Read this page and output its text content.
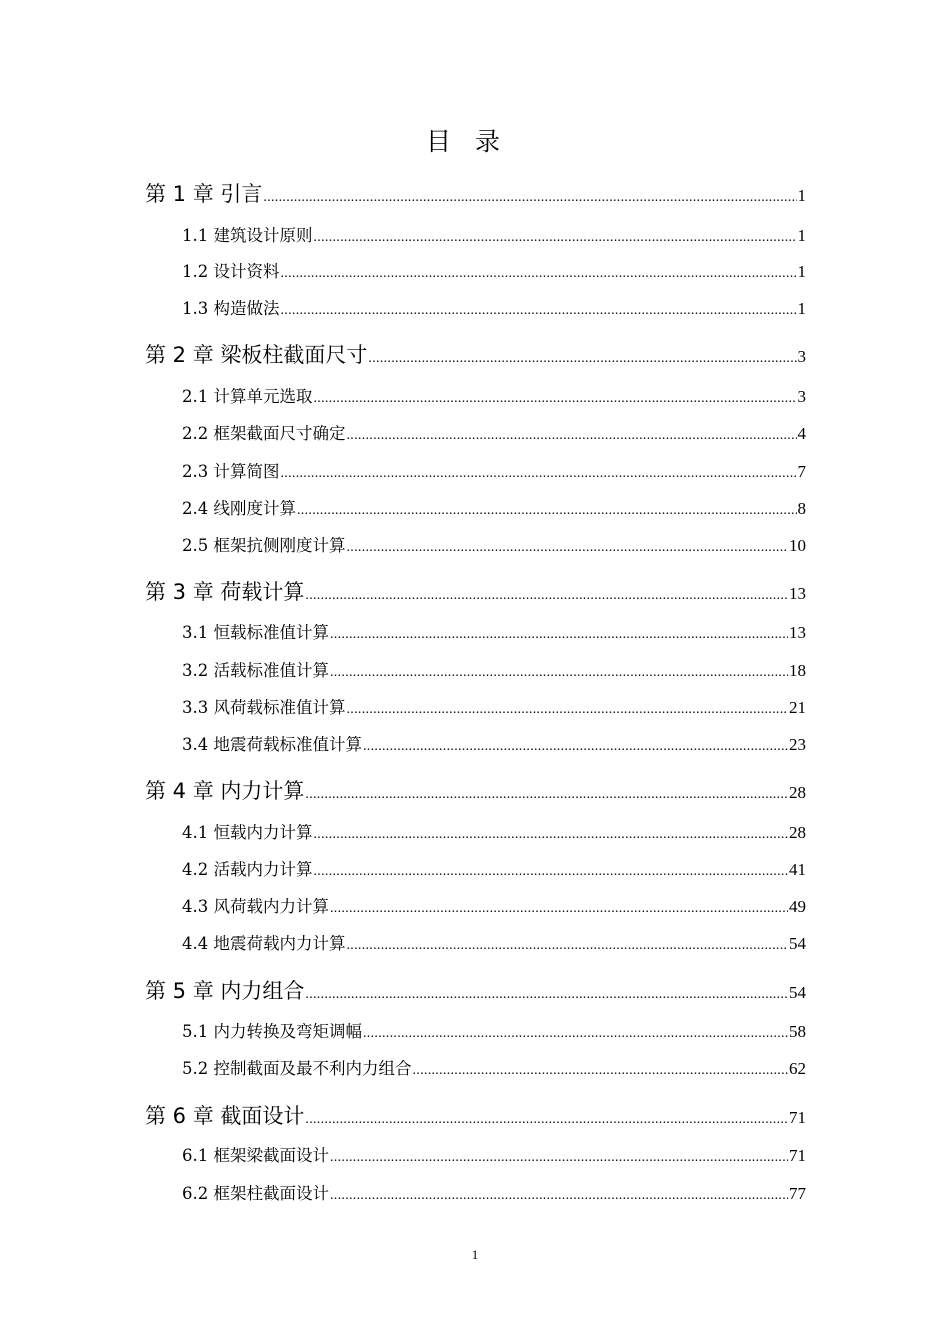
目录
第 1 章 引言 .....	1
1.1 建筑设计原则 .....	1
1.2 设计资料 .....	1
1.3 构造做法 .....	1
第 2 章 梁板柱截面尺寸 .....	3
2.1 计算单元选取 .....	3
2.2 框架截面尺寸确定 .....	4
2.3 计算简图 .....	7
2.4 线刚度计算 .....	8
2.5 框架抗侧刚度计算 .....	10
第 3 章 荷载计算 .....	13
3.1 恒载标准值计算 .....	13
3.2 活载标准值计算 .....	18
3.3 风荷载标准值计算 .....	21
3.4 地震荷载标准值计算 .....	23
第 4 章 内力计算 .....	28
4.1 恒载内力计算 .....	28
4.2 活载内力计算 .....	41
4.3 风荷载内力计算 .....	49
4.4 地震荷载内力计算 .....	54
第 5 章 内力组合 .....	54
5.1 内力转换及弯矩调幅 .....	58
5.2 控制截面及最不利内力组合 .....	62
第 6 章 截面设计 .....	71
6.1 框架梁截面设计 .....	71
6.2 框架柱截面设计 .....	77
1
